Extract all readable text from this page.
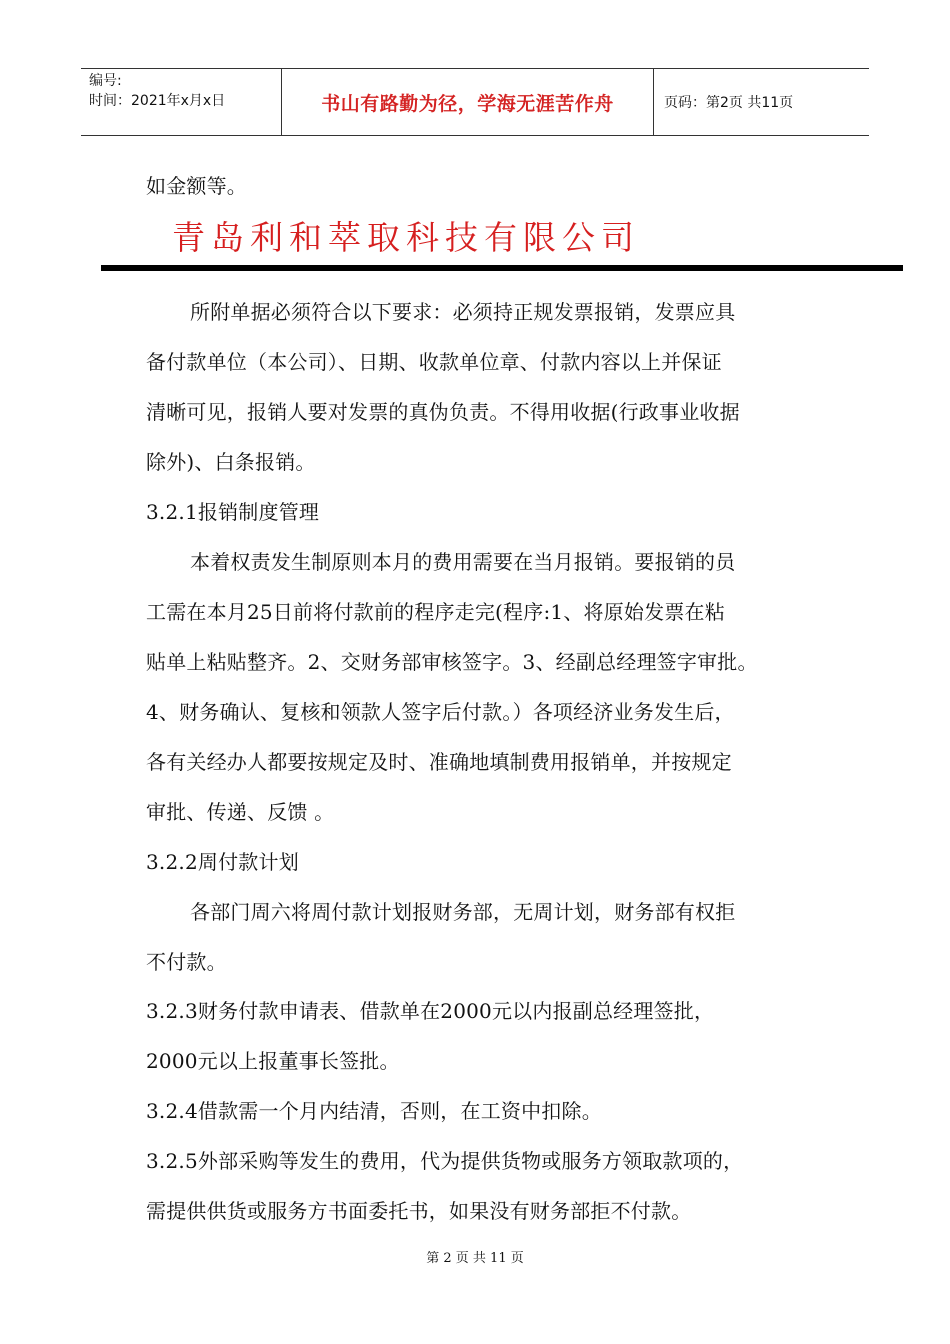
编号:
时间：2021年x月x日	书山有路勤为径，学海无涯苦作舟	页码：第2页 共11页
如金额等。
青岛利和萃取科技有限公司
所附单据必须符合以下要求：必须持正规发票报销，发票应具
备付款单位（本公司）、日期、收款单位章、付款内容以上并保证
清晰可见，报销人要对发票的真伪负责。不得用收据(行政事业收据
除外)、白条报销。
3.2.1报销制度管理
本着权责发生制原则本月的费用需要在当月报销。要报销的员
工需在本月25日前将付款前的程序走完(程序:1、将原始发票在粘
贴单上粘贴整齐。2、交财务部审核签字。3、经副总经理签字审批。
4、财务确认、复核和领款人签字后付款。）各项经济业务发生后，
各有关经办人都要按规定及时、准确地填制费用报销单，并按规定
审批、传递、反馈 。
3.2.2周付款计划
各部门周六将周付款计划报财务部，无周计划，财务部有权拒
不付款。
3.2.3财务付款申请表、借款单在2000元以内报副总经理签批，
2000元以上报董事长签批。
3.2.4借款需一个月内结清，否则，在工资中扣除。
3.2.5外部采购等发生的费用，代为提供货物或服务方领取款项的，
需提供供货或服务方书面委托书，如果没有财务部拒不付款。
第 2 页 共 11 页
